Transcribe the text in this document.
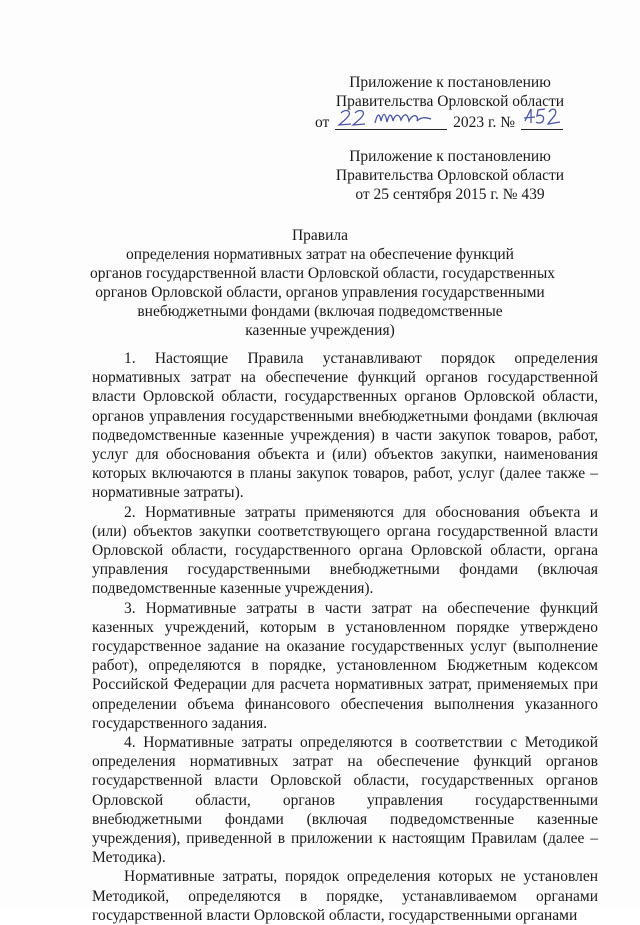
Приложение к постановлению
Правительства Орловской области
от	2023 г. №
Приложение к постановлению
Правительства Орловской области
от 25 сентября 2015 г. № 439
Правила
определения нормативных затрат на обеспечение функций
органов государственной власти Орловской области, государственных
органов Орловской области, органов управления государственными
внебюджетными фондами (включая подведомственные
казенные учреждения)

1. Настоящие Правила устанавливают порядок определения нормативных затрат на обеспечение функций органов государственной власти Орловской области, государственных органов Орловской области, органов управления государственными внебюджетными фондами (включая подведомственные казенные учреждения) в части закупок товаров, работ, услуг для обоснования объекта и (или) объектов закупки, наименования которых включаются в планы закупок товаров, работ, услуг (далее также – нормативные затраты).

2. Нормативные затраты применяются для обоснования объекта и (или) объектов закупки соответствующего органа государственной власти Орловской области, государственного органа Орловской области, органа управления государственными внебюджетными фондами (включая подведомственные казенные учреждения).

3. Нормативные затраты в части затрат на обеспечение функций казенных учреждений, которым в установленном порядке утверждено государственное задание на оказание государственных услуг (выполнение работ), определяются в порядке, установленном Бюджетным кодексом Российской Федерации для расчета нормативных затрат, применяемых при определении объема финансового обеспечения выполнения указанного государственного задания.

4. Нормативные затраты определяются в соответствии с Методикой определения нормативных затрат на обеспечение функций органов государственной власти Орловской области, государственных органов Орловской области, органов управления государственными внебюджетными фондами (включая подведомственные казенные учреждения), приведенной в приложении к настоящим Правилам (далее – Методика).

Нормативные затраты, порядок определения которых не установлен Методикой, определяются в порядке, устанавливаемом органами государственной власти Орловской области, государственными органами
